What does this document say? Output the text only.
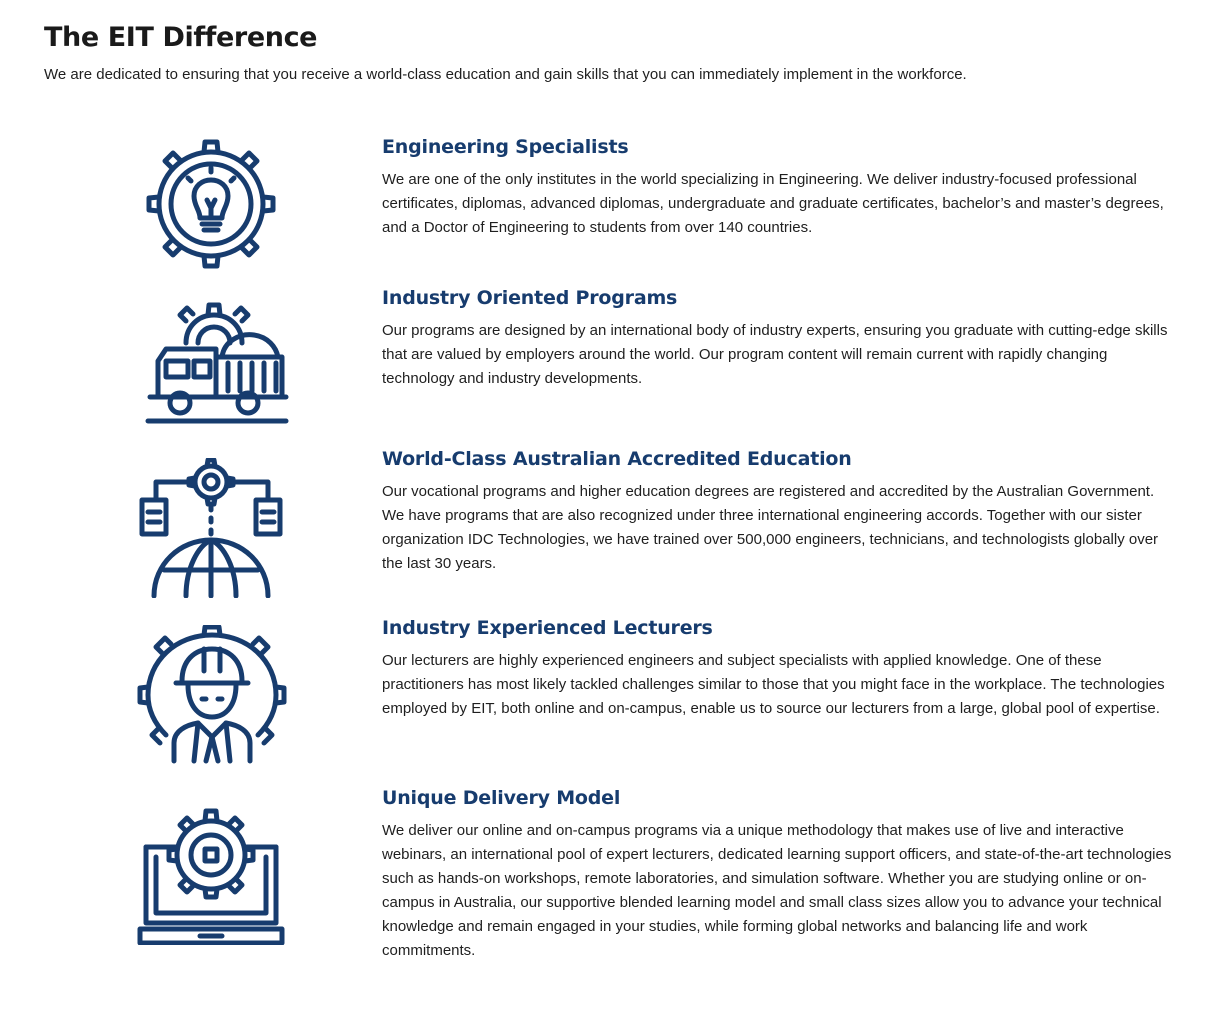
The EIT Difference

We are dedicated to ensuring that you receive a world-class education and gain skills that you can immediately implement in the workforce.

Engineering Specialists

We are one of the only institutes in the world specializing in Engineering. We deliver industry-focused professional certificates, diplomas, advanced diplomas, undergraduate and graduate certificates, bachelor’s and master’s degrees, and a Doctor of Engineering to students from over 140 countries.

Industry Oriented Programs

Our programs are designed by an international body of industry experts, ensuring you graduate with cutting-edge skills that are valued by employers around the world. Our program content will remain current with rapidly changing technology and industry developments.

World-Class Australian Accredited Education

Our vocational programs and higher education degrees are registered and accredited by the Australian Government. We have programs that are also recognized under three international engineering accords. Together with our sister organization IDC Technologies, we have trained over 500,000 engineers, technicians, and technologists globally over the last 30 years.

Industry Experienced Lecturers

Our lecturers are highly experienced engineers and subject specialists with applied knowledge. One of these practitioners has most likely tackled challenges similar to those that you might face in the workplace. The technologies employed by EIT, both online and on-campus, enable us to source our lecturers from a large, global pool of expertise.

Unique Delivery Model

We deliver our online and on-campus programs via a unique methodology that makes use of live and interactive webinars, an international pool of expert lecturers, dedicated learning support officers, and state-of-the-art technologies such as hands-on workshops, remote laboratories, and simulation software. Whether you are studying online or on-campus in Australia, our supportive blended learning model and small class sizes allow you to advance your technical knowledge and remain engaged in your studies, while forming global networks and balancing life and work commitments.
